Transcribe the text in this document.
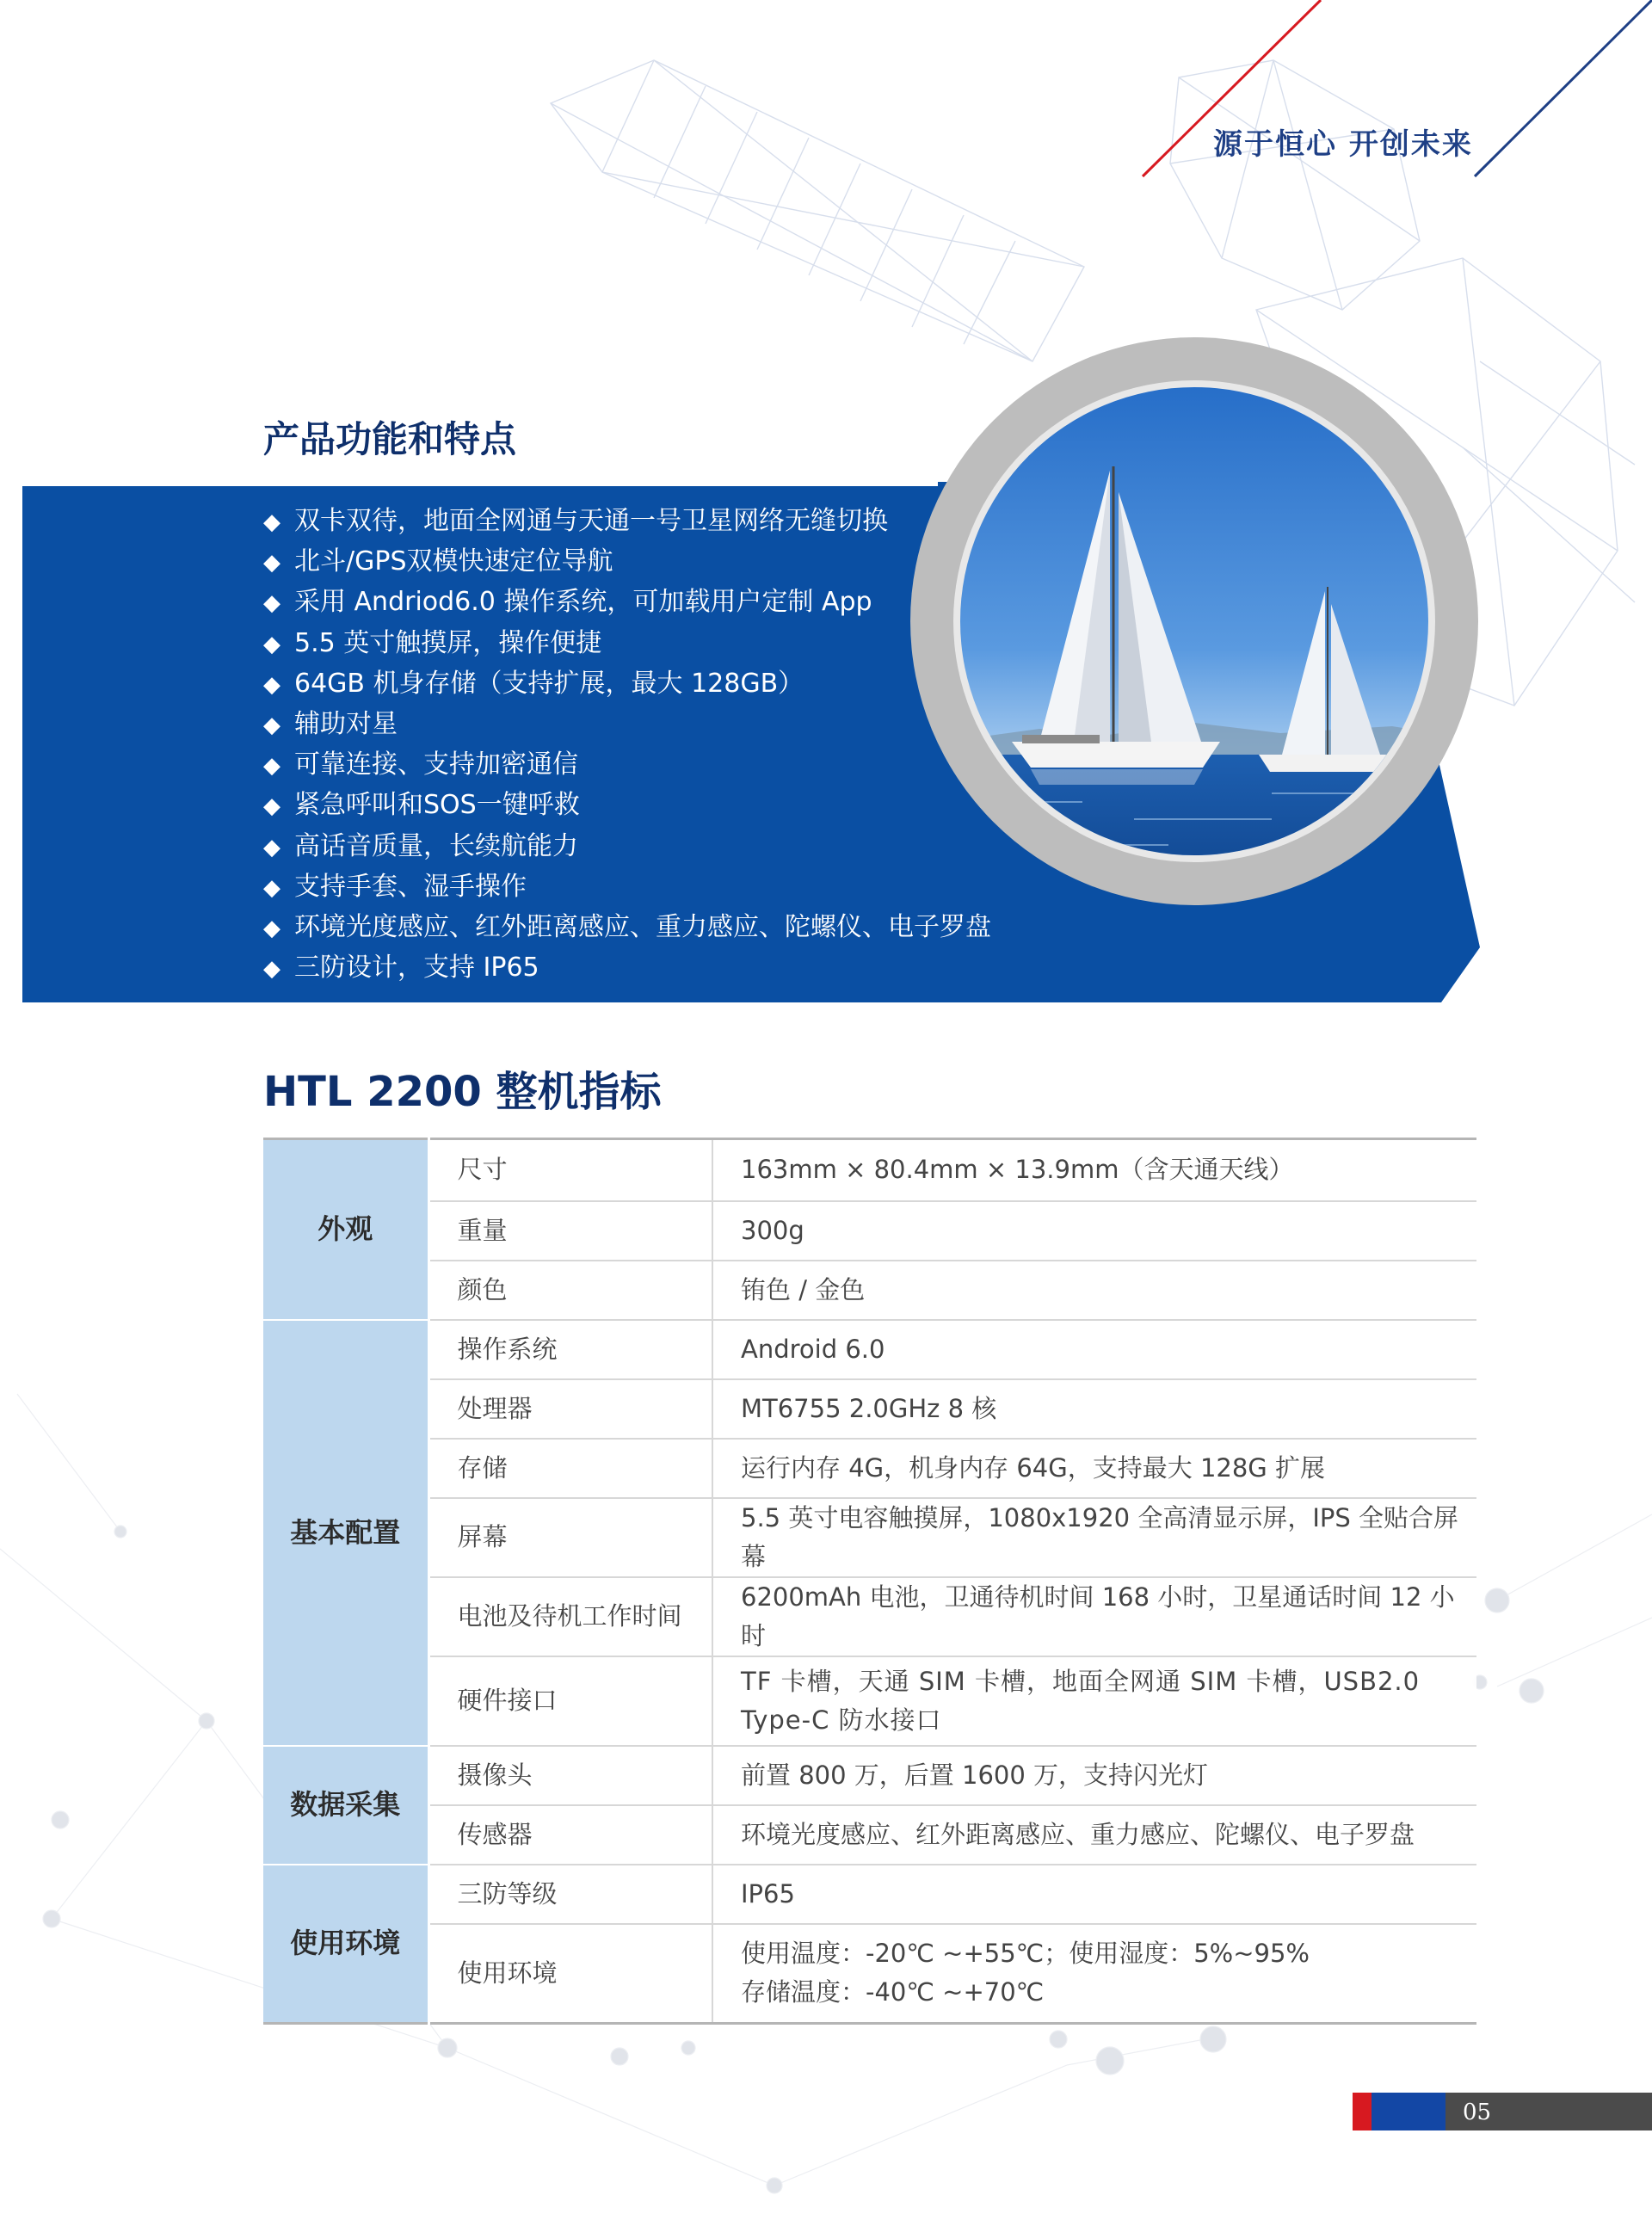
源于恒心 开创未来
产品功能和特点
◆ 双卡双待，地面全网通与天通一号卫星网络无缝切换
◆ 北斗/GPS双模快速定位导航
◆ 采用 Andriod6.0 操作系统，可加载用户定制 App
◆ 5.5 英寸触摸屏，操作便捷
◆ 64GB 机身存储（支持扩展，最大 128GB）
◆ 辅助对星
◆ 可靠连接、支持加密通信
◆ 紧急呼叫和SOS一键呼救
◆ 高话音质量，长续航能力
◆ 支持手套、湿手操作
◆ 环境光度感应、红外距离感应、重力感应、陀螺仪、电子罗盘
◆ 三防设计，支持 IP65
HTL 2200 整机指标
外观	尺寸	163mm × 80.4mm × 13.9mm（含天通天线）
	重量	300g
	颜色	铕色 / 金色
基本配置	操作系统	Android 6.0
	处理器	MT6755 2.0GHz 8 核
	存储	运行内存 4G，机身内存 64G，支持最大 128G 扩展
	屏幕	5.5 英寸电容触摸屏，1080x1920 全高清显示屏，IPS 全贴合屏幕
	电池及待机工作时间	6200mAh 电池，卫通待机时间 168 小时，卫星通话时间 12 小时
	硬件接口	TF 卡槽，天通 SIM 卡槽，地面全网通 SIM 卡槽，USB2.0
Type-C 防水接口

数据采集	摄像头	前置 800 万，后置 1600 万，支持闪光灯
	传感器	环境光度感应、红外距离感应、重力感应、陀螺仪、电子罗盘
使用环境	三防等级	IP65
	使用环境	使用温度：-20℃ ~+55℃；使用湿度：5%~95%
存储温度：-40℃ ~+70℃
05
